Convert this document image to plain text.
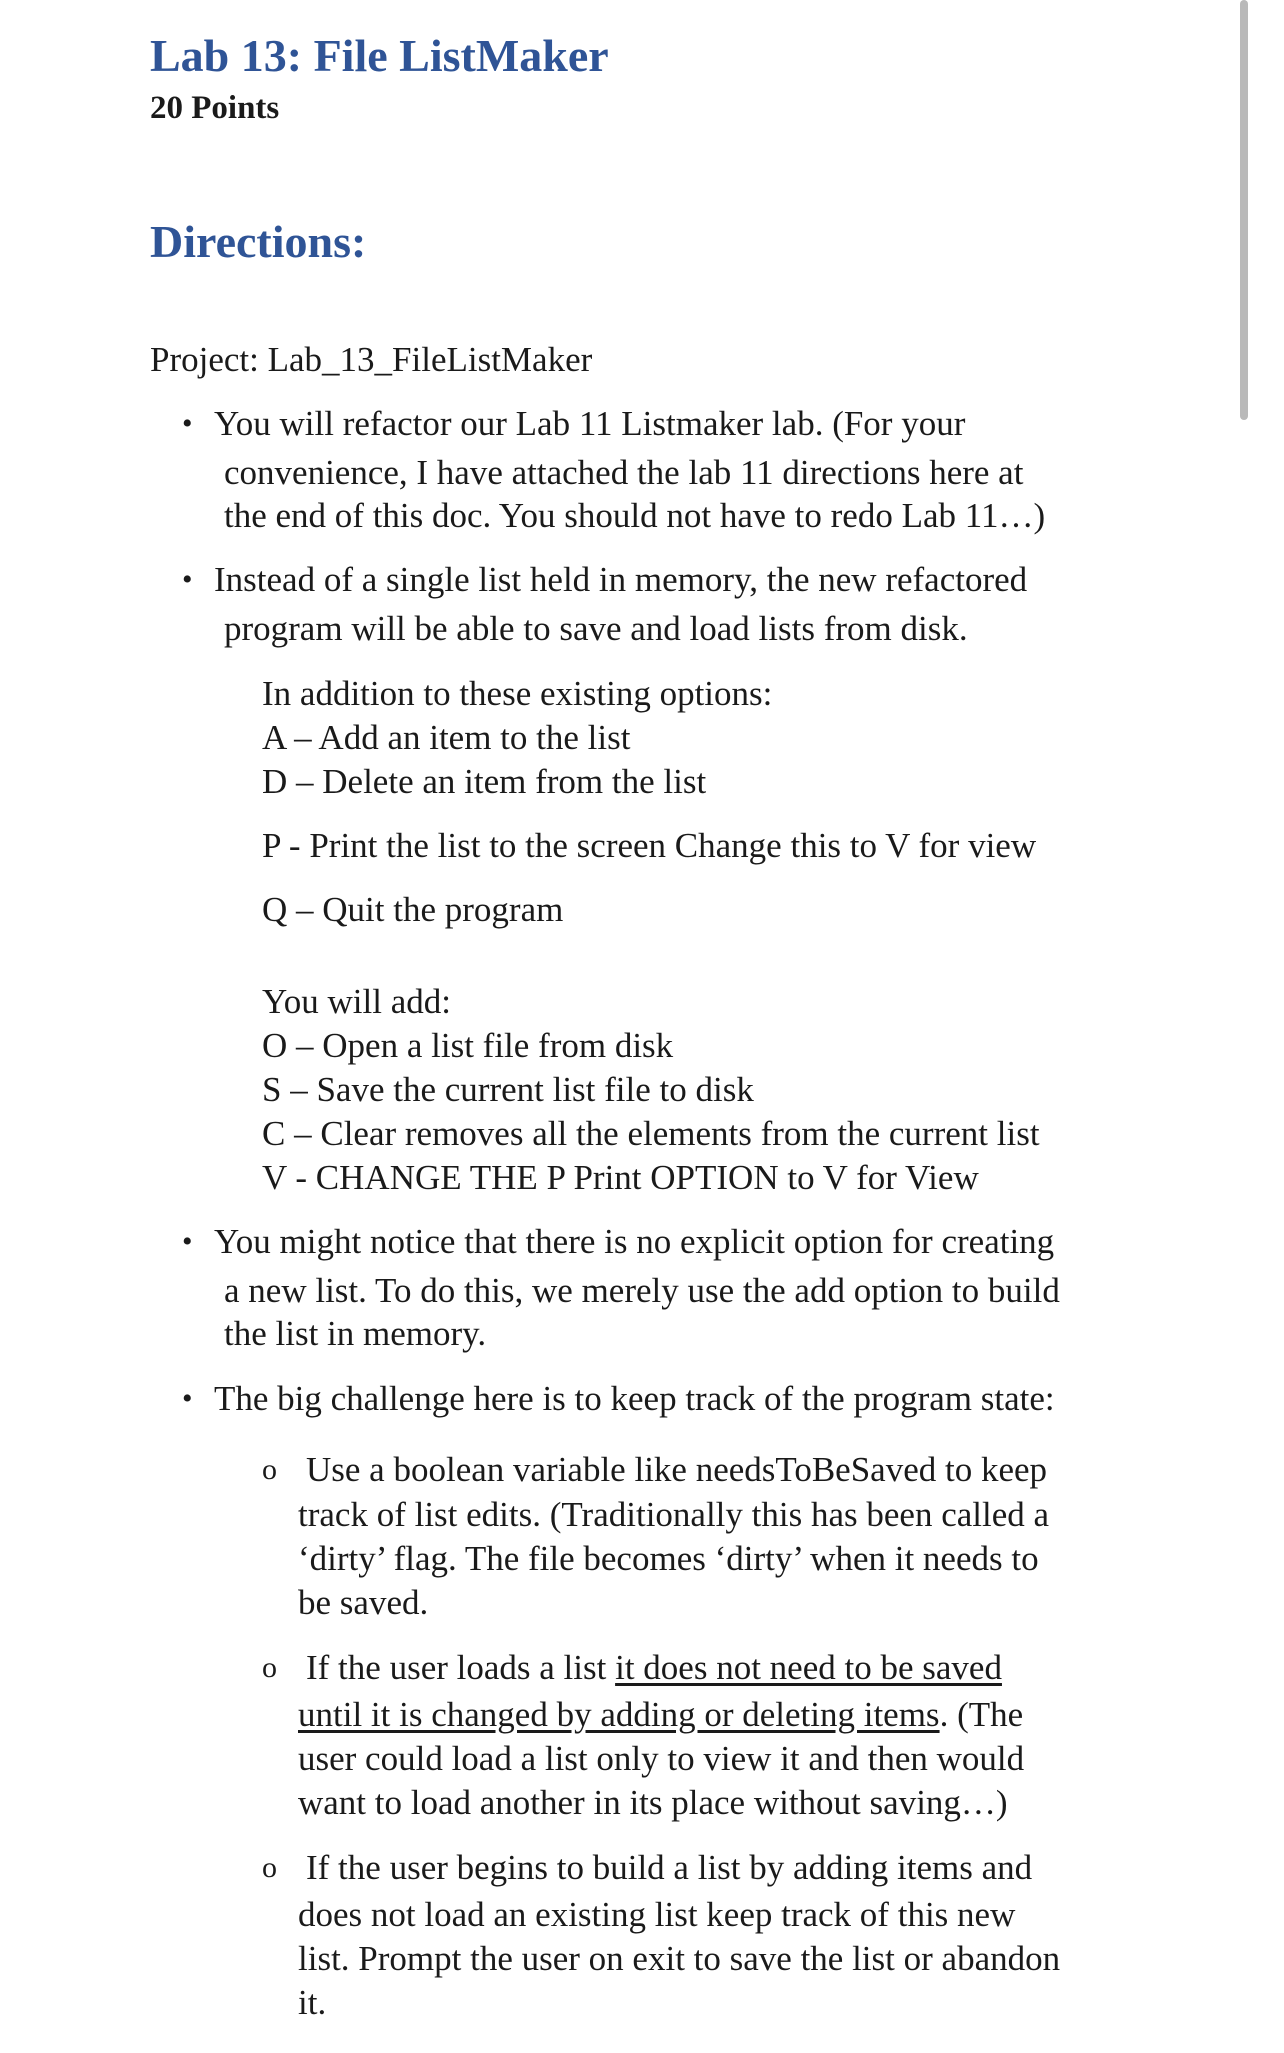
Lab 13: File ListMaker
20 Points
Directions:

Project: Lab_13_FileListMaker

• You will refactor our Lab 11 Listmaker lab. (For your

convenience, I have attached the lab 11 directions here at

the end of this doc. You should not have to redo Lab 11…)

• Instead of a single list held in memory, the new refactored

program will be able to save and load lists from disk.

In addition to these existing options:

A – Add an item to the list

D – Delete an item from the list

P - Print the list to the screen Change this to V for view

Q – Quit the program

You will add:

O – Open a list file from disk

S – Save the current list file to disk

C – Clear removes all the elements from the current list

V - CHANGE THE P Print OPTION to V for View

• You might notice that there is no explicit option for creating

a new list. To do this, we merely use the add option to build

the list in memory.

• The big challenge here is to keep track of the program state:

o Use a boolean variable like needsToBeSaved to keep

track of list edits. (Traditionally this has been called a

‘dirty’ flag. The file becomes ‘dirty’ when it needs to

be saved.

o If the user loads a list it does not need to be saved

until it is changed by adding or deleting items. (The

user could load a list only to view it and then would

want to load another in its place without saving…)

o If the user begins to build a list by adding items and

does not load an existing list keep track of this new

list. Prompt the user on exit to save the list or abandon

it.
